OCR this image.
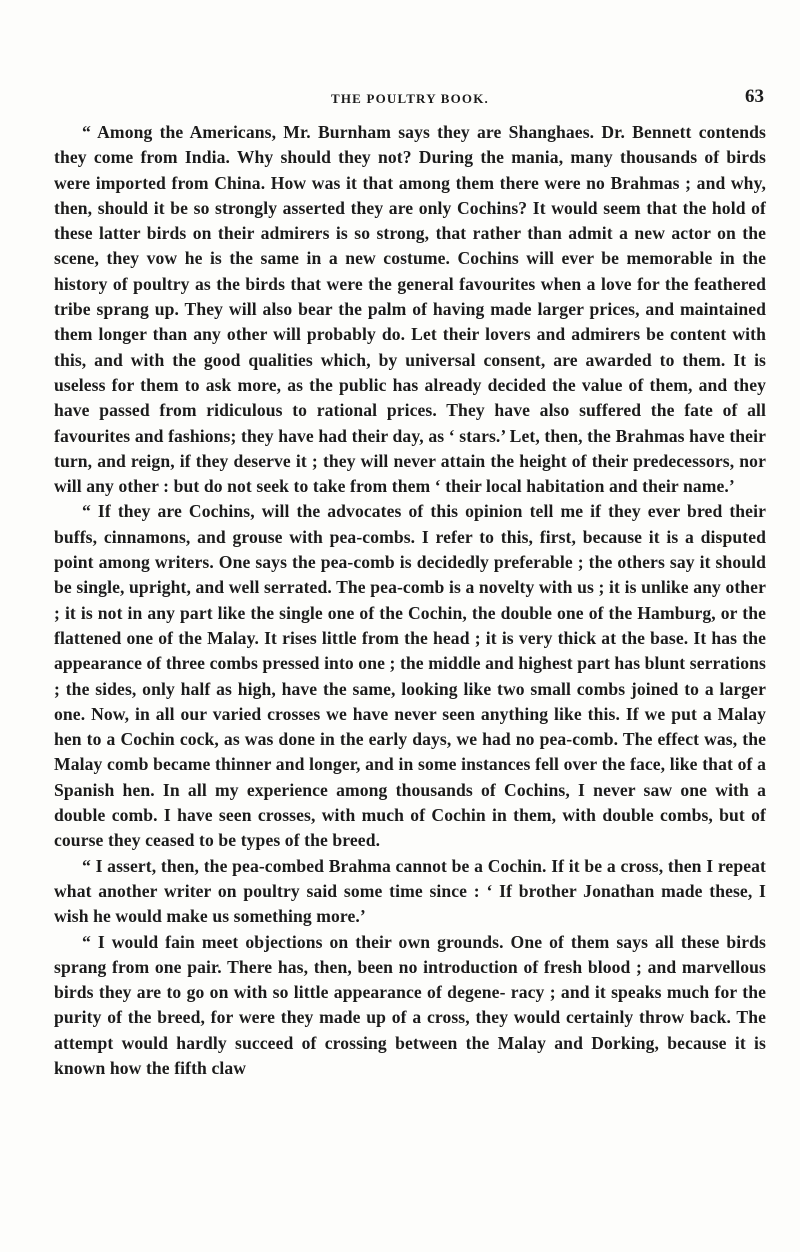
THE POULTRY BOOK.	63

“ Among the Americans, Mr. Burnham says they are Shanghaes. Dr. Bennett contends they come from India. Why should they not? During the mania, many thousands of birds were imported from China. How was it that among them there were no Brahmas ; and why, then, should it be so strongly asserted they are only Cochins? It would seem that the hold of these latter birds on their admirers is so strong, that rather than admit a new actor on the scene, they vow he is the same in a new costume. Cochins will ever be memorable in the history of poultry as the birds that were the general favourites when a love for the feathered tribe sprang up. They will also bear the palm of having made larger prices, and maintained them longer than any other will probably do. Let their lovers and admirers be content with this, and with the good qualities which, by universal consent, are awarded to them. It is useless for them to ask more, as the public has already decided the value of them, and they have passed from ridiculous to rational prices. They have also suffered the fate of all favourites and fashions; they have had their day, as ‘ stars.’ Let, then, the Brahmas have their turn, and reign, if they deserve it ; they will never attain the height of their predecessors, nor will any other : but do not seek to take from them ‘ their local habitation and their name.’

“ If they are Cochins, will the advocates of this opinion tell me if they ever bred their buffs, cinnamons, and grouse with pea-combs. I refer to this, first, because it is a disputed point among writers. One says the pea-comb is decidedly preferable ; the others say it should be single, upright, and well serrated. The pea-comb is a novelty with us ; it is unlike any other ; it is not in any part like the single one of the Cochin, the double one of the Hamburg, or the flattened one of the Malay. It rises little from the head ; it is very thick at the base. It has the appearance of three combs pressed into one ; the middle and highest part has blunt serrations ; the sides, only half as high, have the same, looking like two small combs joined to a larger one. Now, in all our varied crosses we have never seen anything like this. If we put a Malay hen to a Cochin cock, as was done in the early days, we had no pea-comb. The effect was, the Malay comb became thinner and longer, and in some instances fell over the face, like that of a Spanish hen. In all my experience among thousands of Cochins, I never saw one with a double comb. I have seen crosses, with much of Cochin in them, with double combs, but of course they ceased to be types of the breed.

“ I assert, then, the pea-combed Brahma cannot be a Cochin. If it be a cross, then I repeat what another writer on poultry said some time since : ‘ If brother Jonathan made these, I wish he would make us something more.’

“ I would fain meet objections on their own grounds. One of them says all these birds sprang from one pair. There has, then, been no introduction of fresh blood ; and marvellous birds they are to go on with so little appearance of degene- racy ; and it speaks much for the purity of the breed, for were they made up of a cross, they would certainly throw back. The attempt would hardly succeed of crossing between the Malay and Dorking, because it is known how the fifth claw
